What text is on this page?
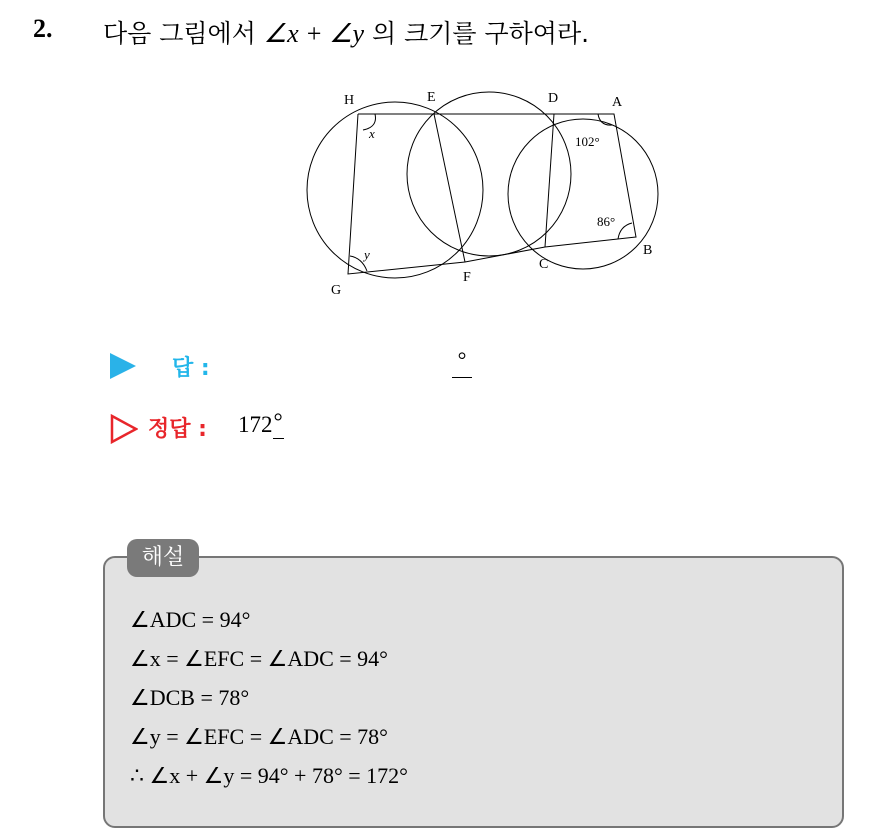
2. 다음 그림에서 ∠x + ∠y 의 크기를 구하여라.
H	E	D	A
G
F
C
B
x
y
102°
86°
답 :	°
정답 : 172°
해설
∠ADC = 94°
∠x = ∠EFC = ∠ADC = 94°
∠DCB = 78°
∠y = ∠EFC = ∠ADC = 78°
∴ ∠x + ∠y = 94° + 78° = 172°
